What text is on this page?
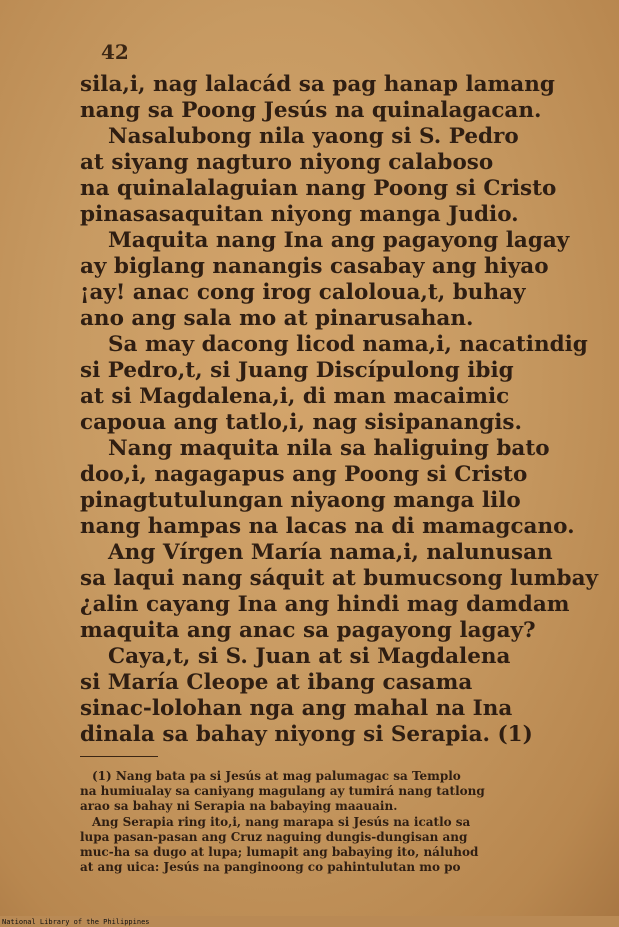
42
sila,i, nag lalacád sa pag hanap lamang
nang sa Poong Jesús na quinalagacan.
Nasalubong nila yaong si S. Pedro
at siyang nagturo niyong calaboso
na quinalalaguian nang Poong si Cristo
pinasasaquitan niyong manga Judio.
Maquita nang Ina ang pagayong lagay
ay biglang nanangis casabay ang hiyao
¡ay! anac cong irog caloloua,t, buhay
ano ang sala mo at pinarusahan.
Sa may dacong licod nama,i, nacatindig
si Pedro,t, si Juang Discípulong ibig
at si Magdalena,i, di man macaimic
capoua ang tatlo,i, nag sisipanangis.
Nang maquita nila sa haliguing bato
doo,i, nagagapus ang Poong si Cristo
pinagtutulungan niyaong manga lilo
nang hampas na lacas na di mamagcano.
Ang Vírgen María nama,i, nalunusan
sa laqui nang sáquit at bumucsong lumbay
¿alin cayang Ina ang hindi mag damdam
maquita ang anac sa pagayong lagay?
Caya,t, si S. Juan at si Magdalena
si María Cleope at ibang casama
sinac-lolohan nga ang mahal na Ina
dinala sa bahay niyong si Serapia. (1)
(1) Nang bata pa si Jesús at mag palumagac sa Templo
na humiualay sa caniyang magulang ay tumirá nang tatlong
arao sa bahay ni Serapia na babaying maauain.
Ang Serapia ring ito,i, nang marapa si Jesús na icatlo sa
lupa pasan-pasan ang Cruz naguing dungis-dungisan ang
muc-ha sa dugo at lupa; lumapit ang babaying ito, náluhod
at ang uica: Jesús na panginoong co pahintulutan mo po
National Library of the Philippines
